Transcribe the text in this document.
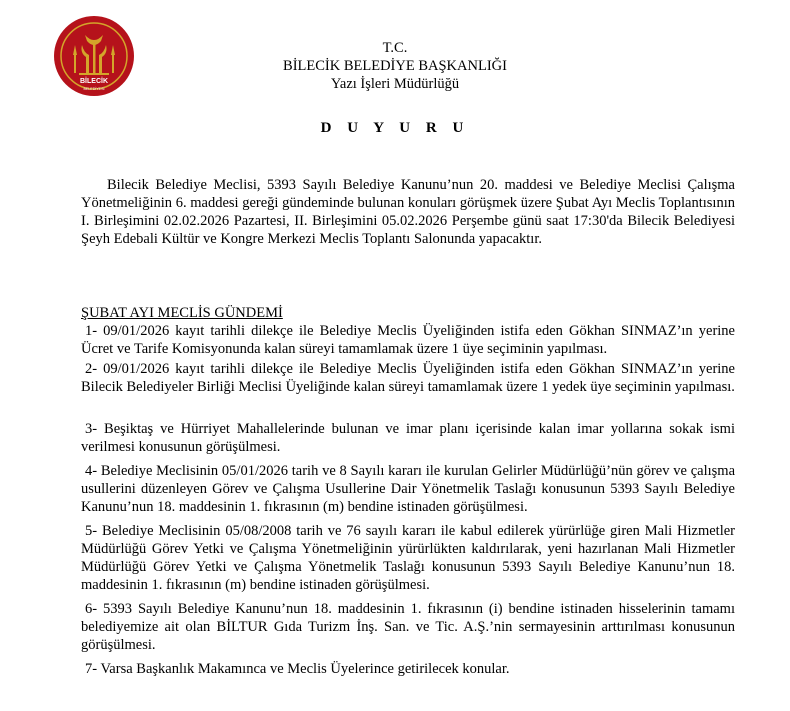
BİLECİK
BELEDİYESİ
T.C.
BİLECİK BELEDİYE BAŞKANLIĞI
Yazı İşleri Müdürlüğü
D U Y U R U
Bilecik Belediye Meclisi, 5393 Sayılı Belediye Kanunu’nun 20. maddesi ve Belediye Meclisi Çalışma Yönetmeliğinin 6. maddesi gereği gündeminde bulunan konuları görüşmek üzere Şubat Ayı Meclis Toplantısının I. Birleşimini 02.02.2026 Pazartesi, II. Birleşimini 05.02.2026 Perşembe günü saat 17:30'da Bilecik Belediyesi Şeyh Edebali Kültür ve Kongre Merkezi Meclis Toplantı Salonunda yapacaktır.
ŞUBAT AYI MECLİS GÜNDEMİ
1- 09/01/2026 kayıt tarihli dilekçe ile Belediye Meclis Üyeliğinden istifa eden Gökhan SINMAZ’ın yerine Ücret ve Tarife Komisyonunda kalan süreyi tamamlamak üzere 1 üye seçiminin yapılması.
2- 09/01/2026 kayıt tarihli dilekçe ile Belediye Meclis Üyeliğinden istifa eden Gökhan SINMAZ’ın yerine Bilecik Belediyeler Birliği Meclisi Üyeliğinde kalan süreyi tamamlamak üzere 1 yedek üye seçiminin yapılması.
3- Beşiktaş ve Hürriyet Mahallelerinde bulunan ve imar planı içerisinde kalan imar yollarına sokak ismi verilmesi konusunun görüşülmesi.
4- Belediye Meclisinin 05/01/2026 tarih ve 8 Sayılı kararı ile kurulan Gelirler Müdürlüğü’nün görev ve çalışma usullerini düzenleyen Görev ve Çalışma Usullerine Dair Yönetmelik Taslağı konusunun 5393 Sayılı Belediye Kanunu’nun 18. maddesinin 1. fıkrasının (m) bendine istinaden görüşülmesi.
5- Belediye Meclisinin 05/08/2008 tarih ve 76 sayılı kararı ile kabul edilerek yürürlüğe giren Mali Hizmetler Müdürlüğü Görev Yetki ve Çalışma Yönetmeliğinin yürürlükten kaldırılarak, yeni hazırlanan Mali Hizmetler Müdürlüğü Görev Yetki ve Çalışma Yönetmelik Taslağı konusunun 5393 Sayılı Belediye Kanunu’nun 18. maddesinin 1. fıkrasının (m) bendine istinaden görüşülmesi.
6- 5393 Sayılı Belediye Kanunu’nun 18. maddesinin 1. fıkrasının (i) bendine istinaden hisselerinin tamamı belediyemize ait olan BİLTUR Gıda Turizm İnş. San. ve Tic. A.Ş.’nin sermayesinin arttırılması konusunun görüşülmesi.
7- Varsa Başkanlık Makamınca ve Meclis Üyelerince getirilecek konular.
